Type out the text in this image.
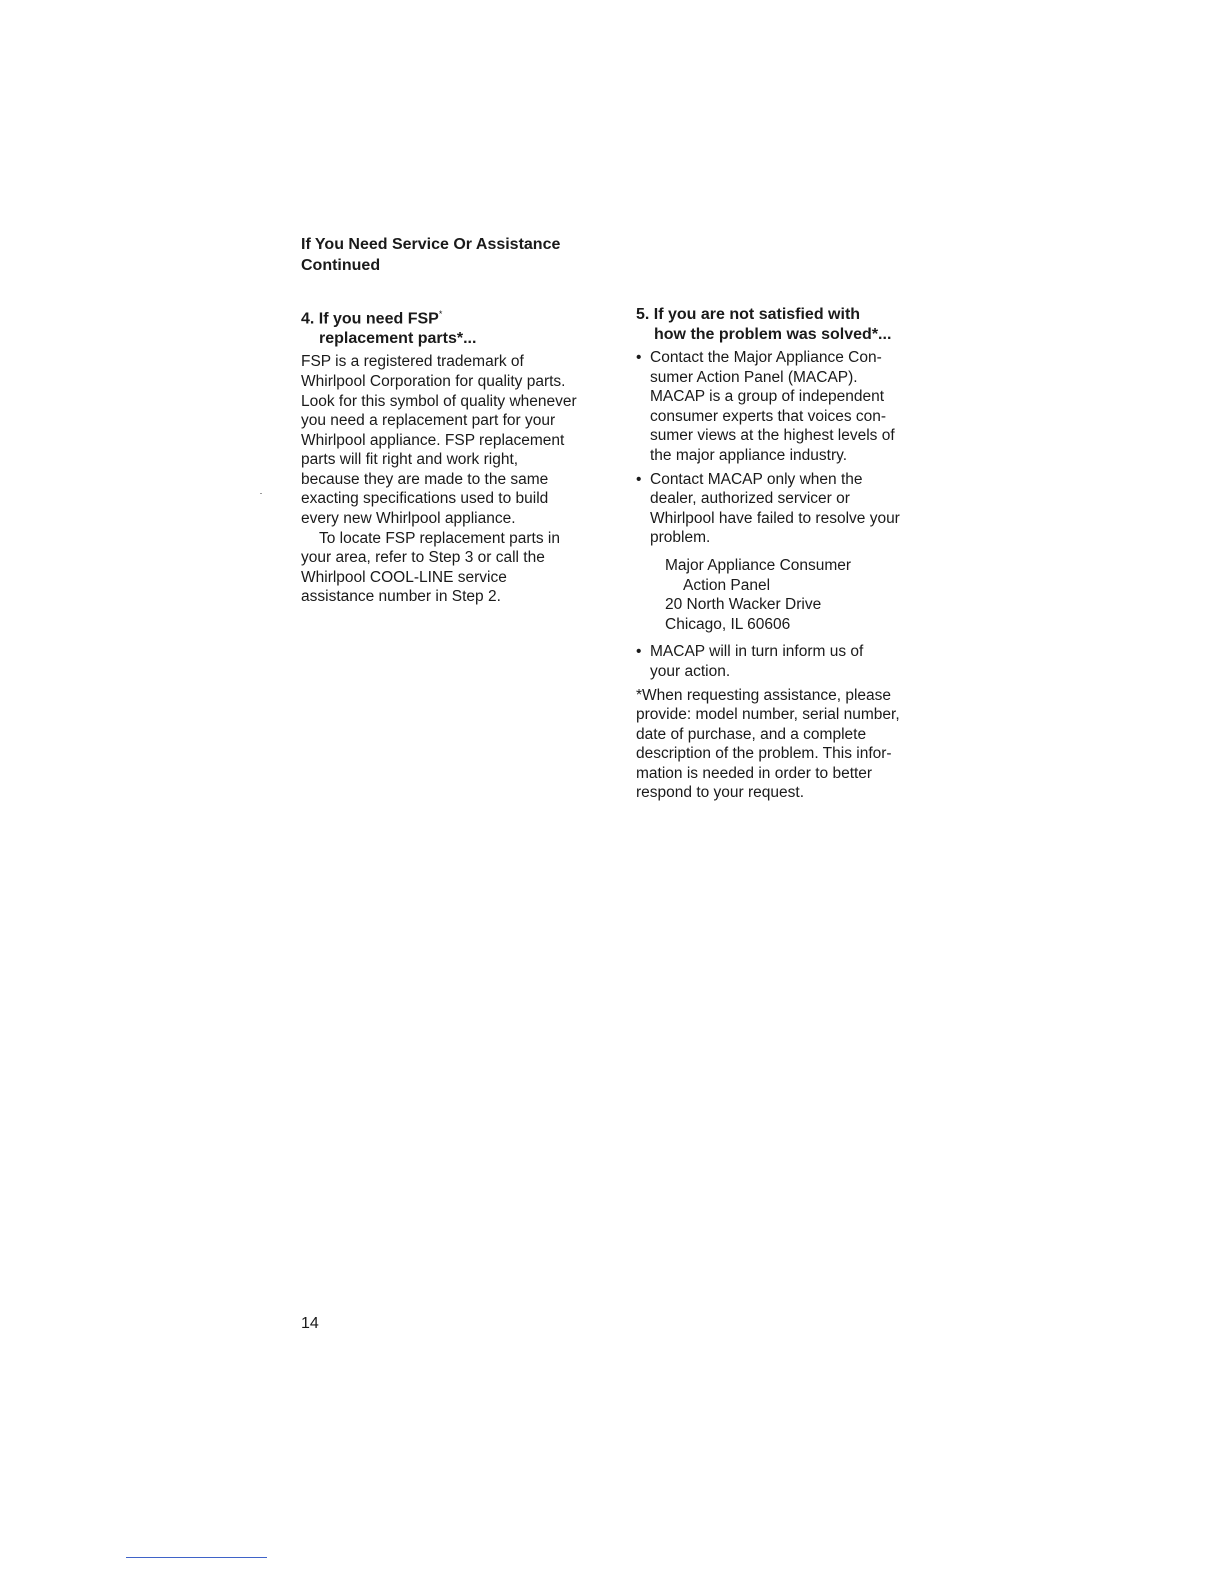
If You Need Service Or Assistance
Continued
4. If you need FSP*
replacement parts*...
FSP is a registered trademark of
Whirlpool Corporation for quality parts.
Look for this symbol of quality whenever
you need a replacement part for your
Whirlpool appliance. FSP replacement
parts will fit right and work right,
because they are made to the same
exacting specifications used to build
every new Whirlpool appliance.
To locate FSP replacement parts in
your area, refer to Step 3 or call the
Whirlpool COOL-LINE service
assistance number in Step 2.
5. If you are not satisfied with
how the problem was solved*...
• Contact the Major Appliance Con-
sumer Action Panel (MACAP).
MACAP is a group of independent
consumer experts that voices con-
sumer views at the highest levels of
the major appliance industry.
• Contact MACAP only when the
dealer, authorized servicer or
Whirlpool have failed to resolve your
problem.
Major Appliance Consumer
Action Panel
20 North Wacker Drive
Chicago, IL 60606
• MACAP will in turn inform us of
your action.
*When requesting assistance, please
provide: model number, serial number,
date of purchase, and a complete
description of the problem. This infor-
mation is needed in order to better
respond to your request.
14
